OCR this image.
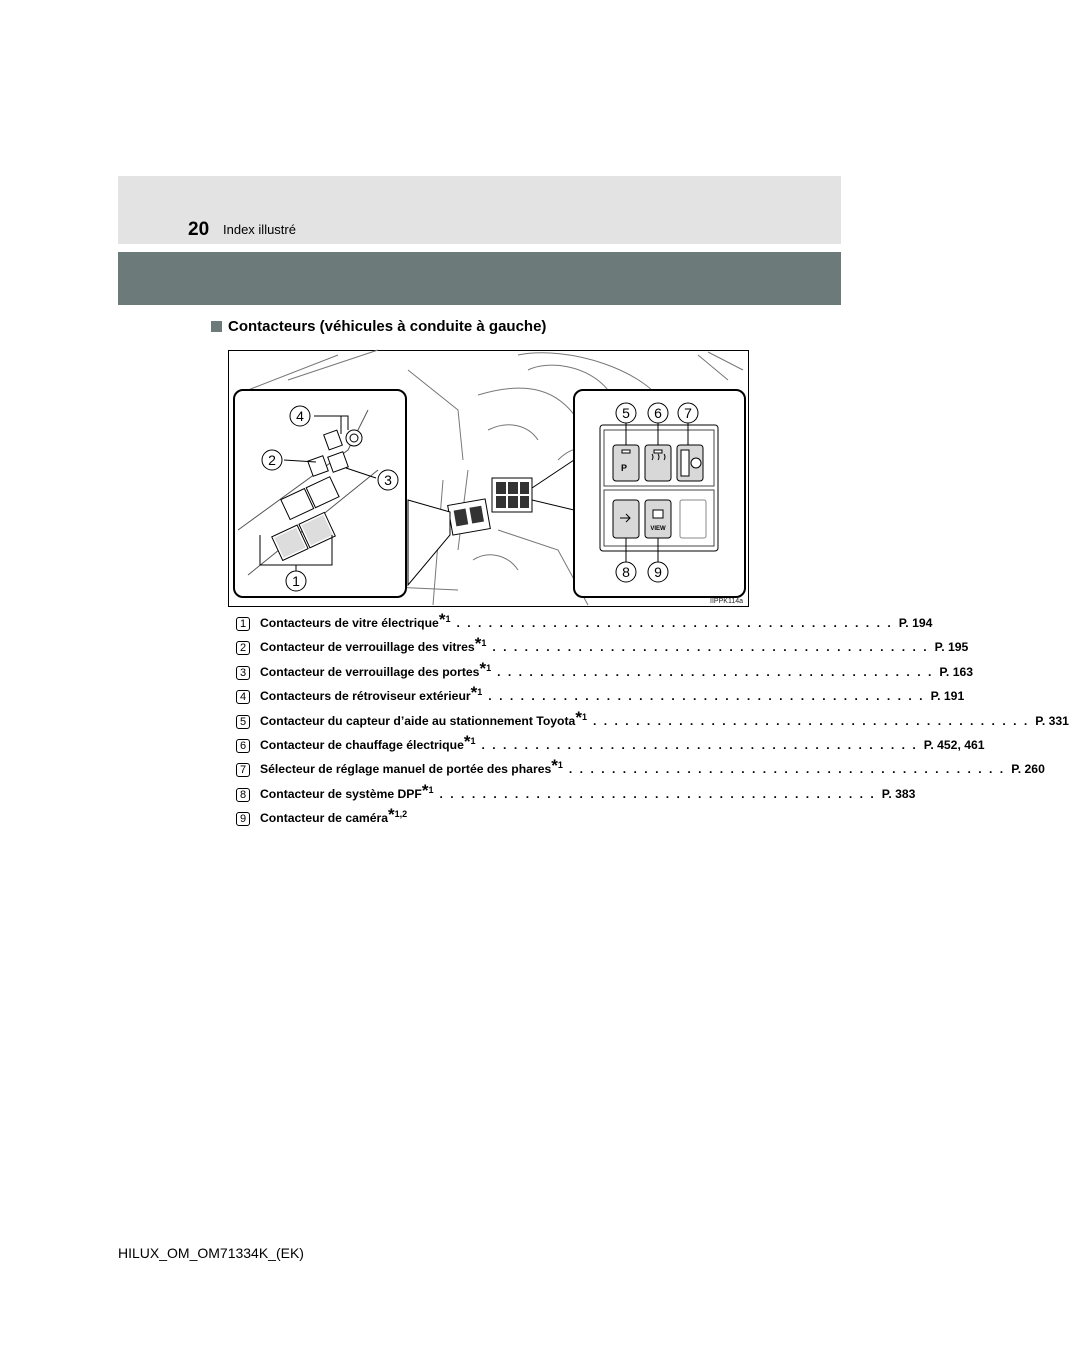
20 Index illustré
Contacteurs (véhicules à conduite à gauche)
4
2
3
1
5 6 7
8 9
P
VIEW
IIPPK114a
1	Contacteurs de vitre électrique*$^1$ . . . . . . . . . . . . . . . . . . . . . . . . . . . . . . . . . . . . . . . . . P. 194
2	Contacteur de verrouillage des vitres*$^1$ . . . . . . . . . . . . . . . . . . . . . . . . . . . . . . . . . . . . . . . . . P. 195
3	Contacteur de verrouillage des portes*$^1$ . . . . . . . . . . . . . . . . . . . . . . . . . . . . . . . . . . . . . . . . . P. 163
4	Contacteurs de rétroviseur extérieur*$^1$ . . . . . . . . . . . . . . . . . . . . . . . . . . . . . . . . . . . . . . . . . P. 191
5	Contacteur du capteur d’aide au stationnement Toyota*$^1$ . . . . . . . . . . . . . . . . . . . . . . . . . . . . . . . . . . . . . . . . . P. 331
6	Contacteur de chauffage électrique*$^1$ . . . . . . . . . . . . . . . . . . . . . . . . . . . . . . . . . . . . . . . . . P. 452, 461
7	Sélecteur de réglage manuel de portée des phares*$^1$ . . . . . . . . . . . . . . . . . . . . . . . . . . . . . . . . . . . . . . . . . P. 260
8	Contacteur de système DPF*$^1$ . . . . . . . . . . . . . . . . . . . . . . . . . . . . . . . . . . . . . . . . . P. 383
9	Contacteur de caméra*$^{1,2}$
HILUX_OM_OM71334K_(EK)
